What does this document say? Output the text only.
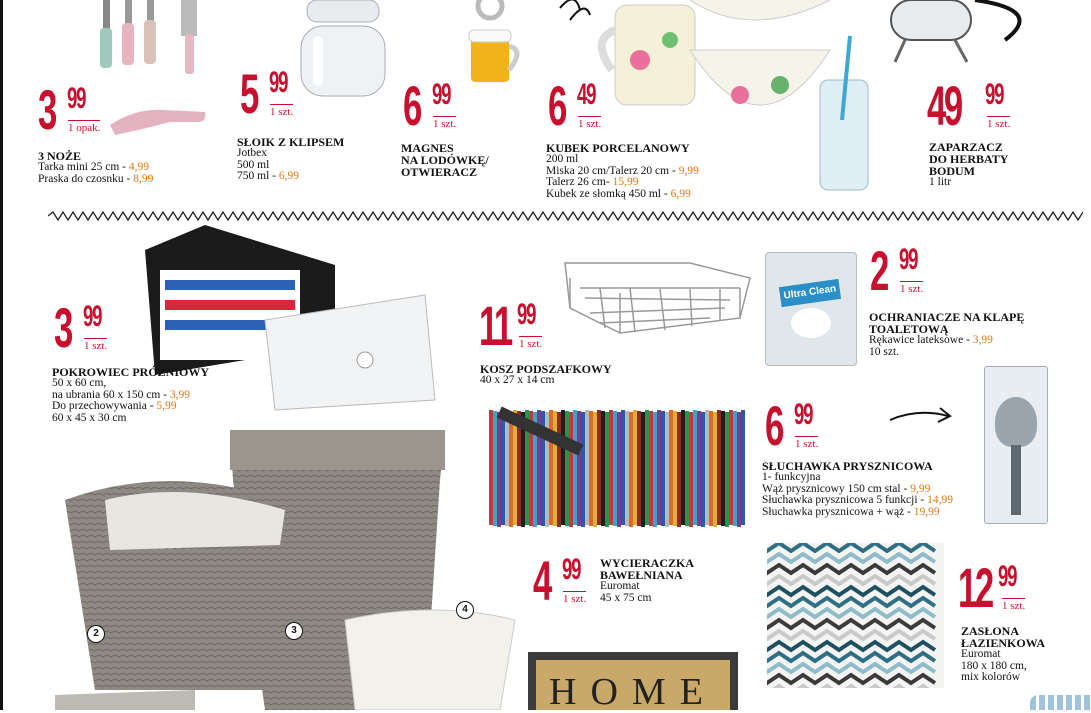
3 99
1 opak.
3 NOŻE
Tarka mini 25 cm - 4,99
Praska do czosnku - 8,99
5 99
1 szt.
SŁOIK Z KLIPSEM
Jotbex
500 ml
750 ml - 6,99
6 99
1 szt.
MAGNES
NA LODÓWKĘ/
OTWIERACZ
6 49
1 szt.
KUBEK PORCELANOWY
200 ml
Miska 20 cm/Talerz 20 cm - 9,99
Talerz 26 cm- 15,99
Kubek ze słomką 450 ml - 6,99
49 99
1 szt.
ZAPARZACZ
DO HERBATY
BODUM
1 litr
3 99
1 szt.
POKROWIEC PRÓŻNIOWY
50 x 60 cm,
na ubrania 60 x 150 cm - 3,99
Do przechowywania - 5,99
60 x 45 x 30 cm
11 99
1 szt.
KOSZ PODSZAFKOWY
40 x 27 x 14 cm
Ultra Clean 2 99
1 szt.
OCHRANIACZE NA KLAPĘ
TOALETOWĄ
Rękawice lateksowe - 3,99
10 szt.
6 99
1 szt.
SŁUCHAWKA PRYSZNICOWA
1- funkcyjna
Wąż prysznicowy 150 cm stal - 9,99
Słuchawka prysznicowa 5 funkcji - 14,99
Słuchawka prysznicowa + wąż - 19,99
2	3
4 4 99
1 szt.
WYCIERACZKA
BAWEŁNIANA
Euromat
45 x 75 cm
HOME
12 99
1 szt.
ZASŁONA
ŁAZIENKOWA
Euromat
180 x 180 cm,
mix kolorów
